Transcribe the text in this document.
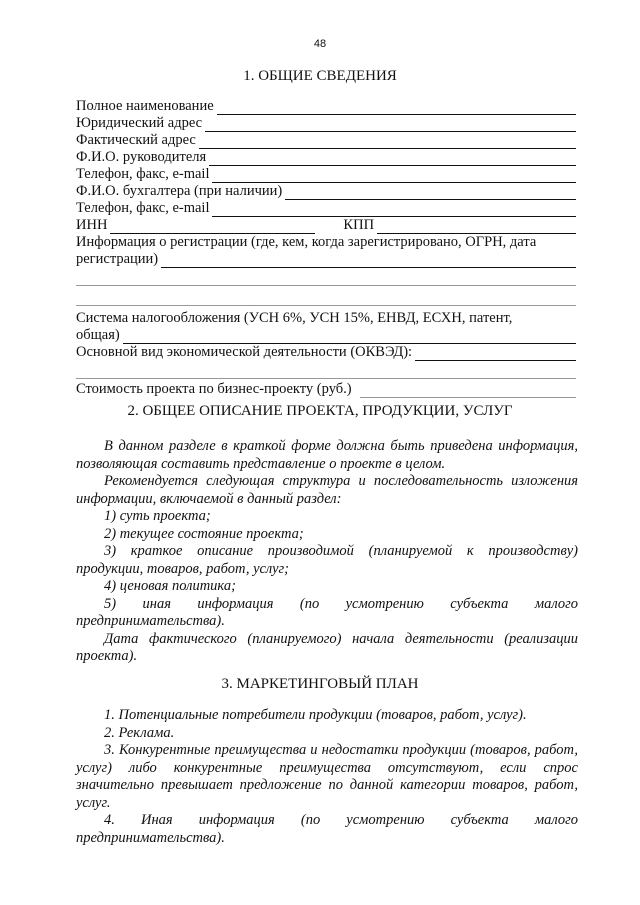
48
1. ОБЩИЕ СВЕДЕНИЯ
Полное наименование
Юридический адрес
Фактический адрес
Ф.И.О. руководителя
Телефон, факс, e-mail
Ф.И.О. бухгалтера (при наличии)
Телефон, факс, e-mail
ИНН	КПП
Информация о регистрации (где, кем, когда зарегистрировано, ОГРН, дата
регистрации)
Система налогообложения (УСН 6%, УСН 15%, ЕНВД, ЕСХН, патент,
общая)
Основной вид экономической деятельности (ОКВЭД):
Стоимость проекта по бизнес-проекту (руб.)
2. ОБЩЕЕ ОПИСАНИЕ ПРОЕКТА, ПРОДУКЦИИ, УСЛУГ

В данном разделе в краткой форме должна быть приведена информация, позволяющая составить представление о проекте в целом.

Рекомендуется следующая структура и последовательность изложения информации, включаемой в данный раздел:

1) суть проекта;

2) текущее состояние проекта;

3) краткое описание производимой (планируемой к производству) продукции, товаров, работ, услуг;

4) ценовая политика;

5) иная информация (по усмотрению субъекта малого предпринимательства).

Дата фактического (планируемого) начала деятельности (реализации проекта).

3. МАРКЕТИНГОВЫЙ ПЛАН

1. Потенциальные потребители продукции (товаров, работ, услуг).

2. Реклама.

3. Конкурентные преимущества и недостатки продукции (товаров, работ, услуг) либо конкурентные преимущества отсутствуют, если спрос значительно превышает предложение по данной категории товаров, работ, услуг.

4. Иная информация (по усмотрению субъекта малого предпринимательства).
